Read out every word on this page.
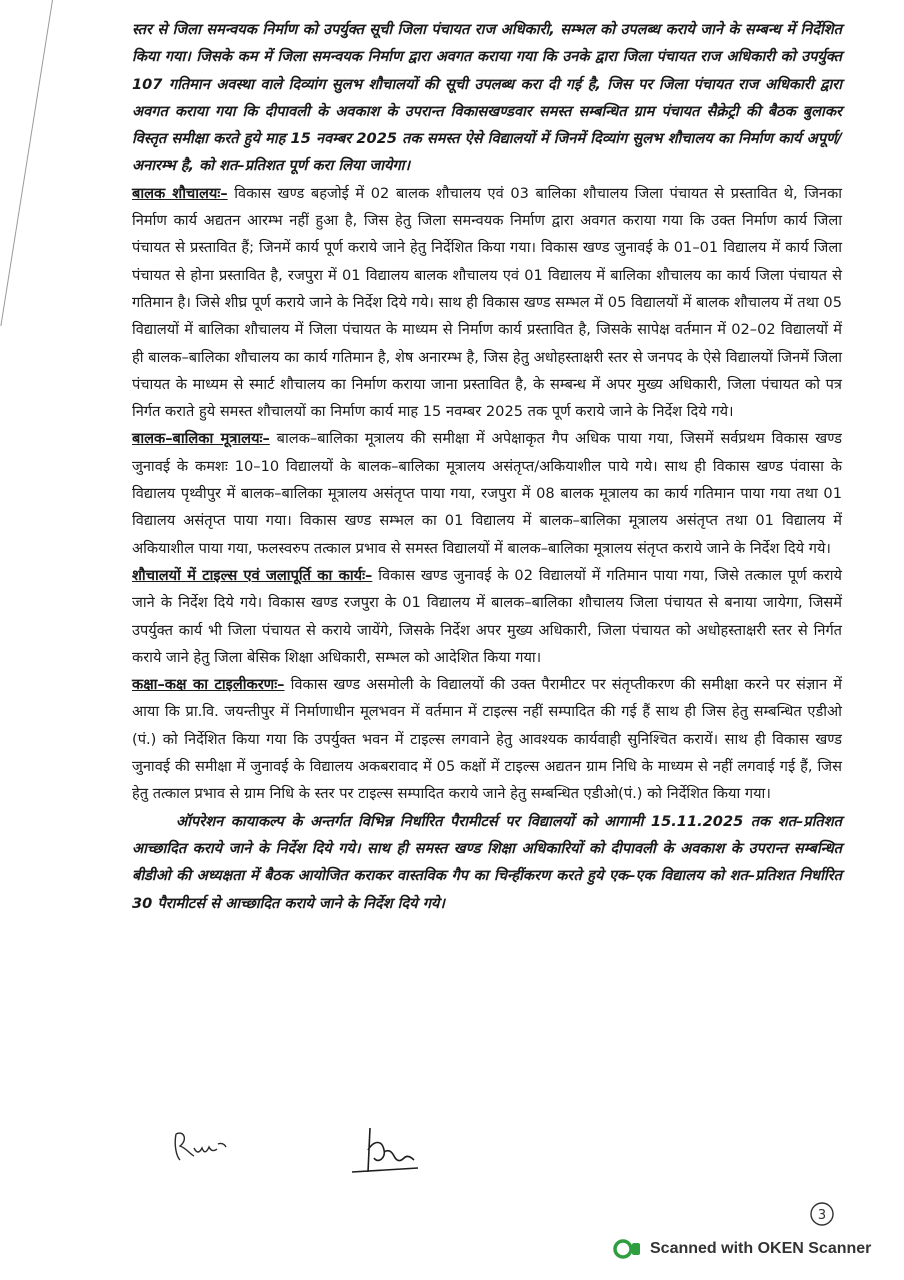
स्तर से जिला समन्वयक निर्माण को उपर्युक्त सूची जिला पंचायत राज अधिकारी, सम्भल को उपलब्ध कराये जाने के सम्बन्ध में निर्देशित किया गया। जिसके कम में जिला समन्वयक निर्माण द्वारा अवगत कराया गया कि उनके द्वारा जिला पंचायत राज अधिकारी को उपर्युक्त 107 गतिमान अवस्था वाले दिव्यांग सुलभ शौचालयों की सूची उपलब्ध करा दी गई है, जिस पर जिला पंचायत राज अधिकारी द्वारा अवगत कराया गया कि दीपावली के अवकाश के उपरान्त विकासखण्डवार समस्त सम्बन्धित ग्राम पंचायत सैक्रेट्री की बैठक बुलाकर विस्तृत समीक्षा करते हुये माह 15 नवम्बर 2025 तक समस्त ऐसे विद्यालयों में जिनमें दिव्यांग सुलभ शौचालय का निर्माण कार्य अपूर्ण/अनारम्भ है, को शत–प्रतिशत पूर्ण करा लिया जायेगा।

बालक शौचालयः– विकास खण्ड बहजोई में 02 बालक शौचालय एवं 03 बालिका शौचालय जिला पंचायत से प्रस्तावित थे, जिनका निर्माण कार्य अद्यतन आरम्भ नहीं हुआ है, जिस हेतु जिला समन्वयक निर्माण द्वारा अवगत कराया गया कि उक्त निर्माण कार्य जिला पंचायत से प्रस्तावित हैं; जिनमें कार्य पूर्ण कराये जाने हेतु निर्देशित किया गया। विकास खण्ड जुनावई के 01–01 विद्यालय में कार्य जिला पंचायत से होना प्रस्तावित है, रजपुरा में 01 विद्यालय बालक शौचालय एवं 01 विद्यालय में बालिका शौचालय का कार्य जिला पंचायत से गतिमान है। जिसे शीघ्र पूर्ण कराये जाने के निर्देश दिये गये। साथ ही विकास खण्ड सम्भल में 05 विद्यालयों में बालक शौचालय में तथा 05 विद्यालयों में बालिका शौचालय में जिला पंचायत के माध्यम से निर्माण कार्य प्रस्तावित है, जिसके सापेक्ष वर्तमान में 02–02 विद्यालयों में ही बालक–बालिका शौचालय का कार्य गतिमान है, शेष अनारम्भ है, जिस हेतु अधोहस्ताक्षरी स्तर से जनपद के ऐसे विद्यालयों जिनमें जिला पंचायत के माध्यम से स्मार्ट शौचालय का निर्माण कराया जाना प्रस्तावित है, के सम्बन्ध में अपर मुख्य अधिकारी, जिला पंचायत को पत्र निर्गत कराते हुये समस्त शौचालयों का निर्माण कार्य माह 15 नवम्बर 2025 तक पूर्ण कराये जाने के निर्देश दिये गये।

बालक–बालिका मूत्रालयः– बालक–बालिका मूत्रालय की समीक्षा में अपेक्षाकृत गैप अधिक पाया गया, जिसमें सर्वप्रथम विकास खण्ड जुनावई के कमशः 10–10 विद्यालयों के बालक–बालिका मूत्रालय असंतृप्त/अकियाशील पाये गये। साथ ही विकास खण्ड पंवासा के विद्यालय पृथ्वीपुर में बालक–बालिका मूत्रालय असंतृप्त पाया गया, रजपुरा में 08 बालक मूत्रालय का कार्य गतिमान पाया गया तथा 01 विद्यालय असंतृप्त पाया गया। विकास खण्ड सम्भल का 01 विद्यालय में बालक–बालिका मूत्रालय असंतृप्त तथा 01 विद्यालय में अकियाशील पाया गया, फलस्वरुप तत्काल प्रभाव से समस्त विद्यालयों में बालक–बालिका मूत्रालय संतृप्त कराये जाने के निर्देश दिये गये।

शौचालयों में टाइल्स एवं जलापूर्ति का कार्यः– विकास खण्ड जुनावई के 02 विद्यालयों में गतिमान पाया गया, जिसे तत्काल पूर्ण कराये जाने के निर्देश दिये गये। विकास खण्ड रजपुरा के 01 विद्यालय में बालक–बालिका शौचालय जिला पंचायत से बनाया जायेगा, जिसमें उपर्युक्त कार्य भी जिला पंचायत से कराये जायेंगे, जिसके निर्देश अपर मुख्य अधिकारी, जिला पंचायत को अधोहस्ताक्षरी स्तर से निर्गत कराये जाने हेतु जिला बेसिक शिक्षा अधिकारी, सम्भल को आदेशित किया गया।

कक्षा–कक्ष का टाइलीकरणः– विकास खण्ड असमोली के विद्यालयों की उक्त पैरामीटर पर संतृप्तीकरण की समीक्षा करने पर संज्ञान में आया कि प्रा.वि. जयन्तीपुर में निर्माणाधीन मूलभवन में वर्तमान में टाइल्स नहीं सम्पादित की गई हैं साथ ही जिस हेतु सम्बन्धित एडीओ (पं.) को निर्देशित किया गया कि उपर्युक्त भवन में टाइल्स लगवाने हेतु आवश्यक कार्यवाही सुनिश्चित करायें। साथ ही विकास खण्ड जुनावई की समीक्षा में जुनावई के विद्यालय अकबरावाद में 05 कक्षों में टाइल्स अद्यतन ग्राम निधि के माध्यम से नहीं लगवाई गई हैं, जिस हेतु तत्काल प्रभाव से ग्राम निधि के स्तर पर टाइल्स सम्पादित कराये जाने हेतु सम्बन्धित एडीओ(पं.) को निर्देशित किया गया।

ऑपरेशन कायाकल्प के अन्तर्गत विभिन्न निर्धारित पैरामीटर्स पर विद्यालयों को आगामी 15.11.2025 तक शत–प्रतिशत आच्छादित कराये जाने के निर्देश दिये गये। साथ ही समस्त खण्ड शिक्षा अधिकारियों को दीपावली के अवकाश के उपरान्त सम्बन्धित बीडीओ की अध्यक्षता में बैठक आयोजित कराकर वास्तविक गैप का चिन्हींकरण करते हुये एक–एक विद्यालय को शत–प्रतिशत निर्धारित 30 पैरामीटर्स से आच्छादित कराये जाने के निर्देश दिये गये।

3
Scanned with OKEN Scanner
